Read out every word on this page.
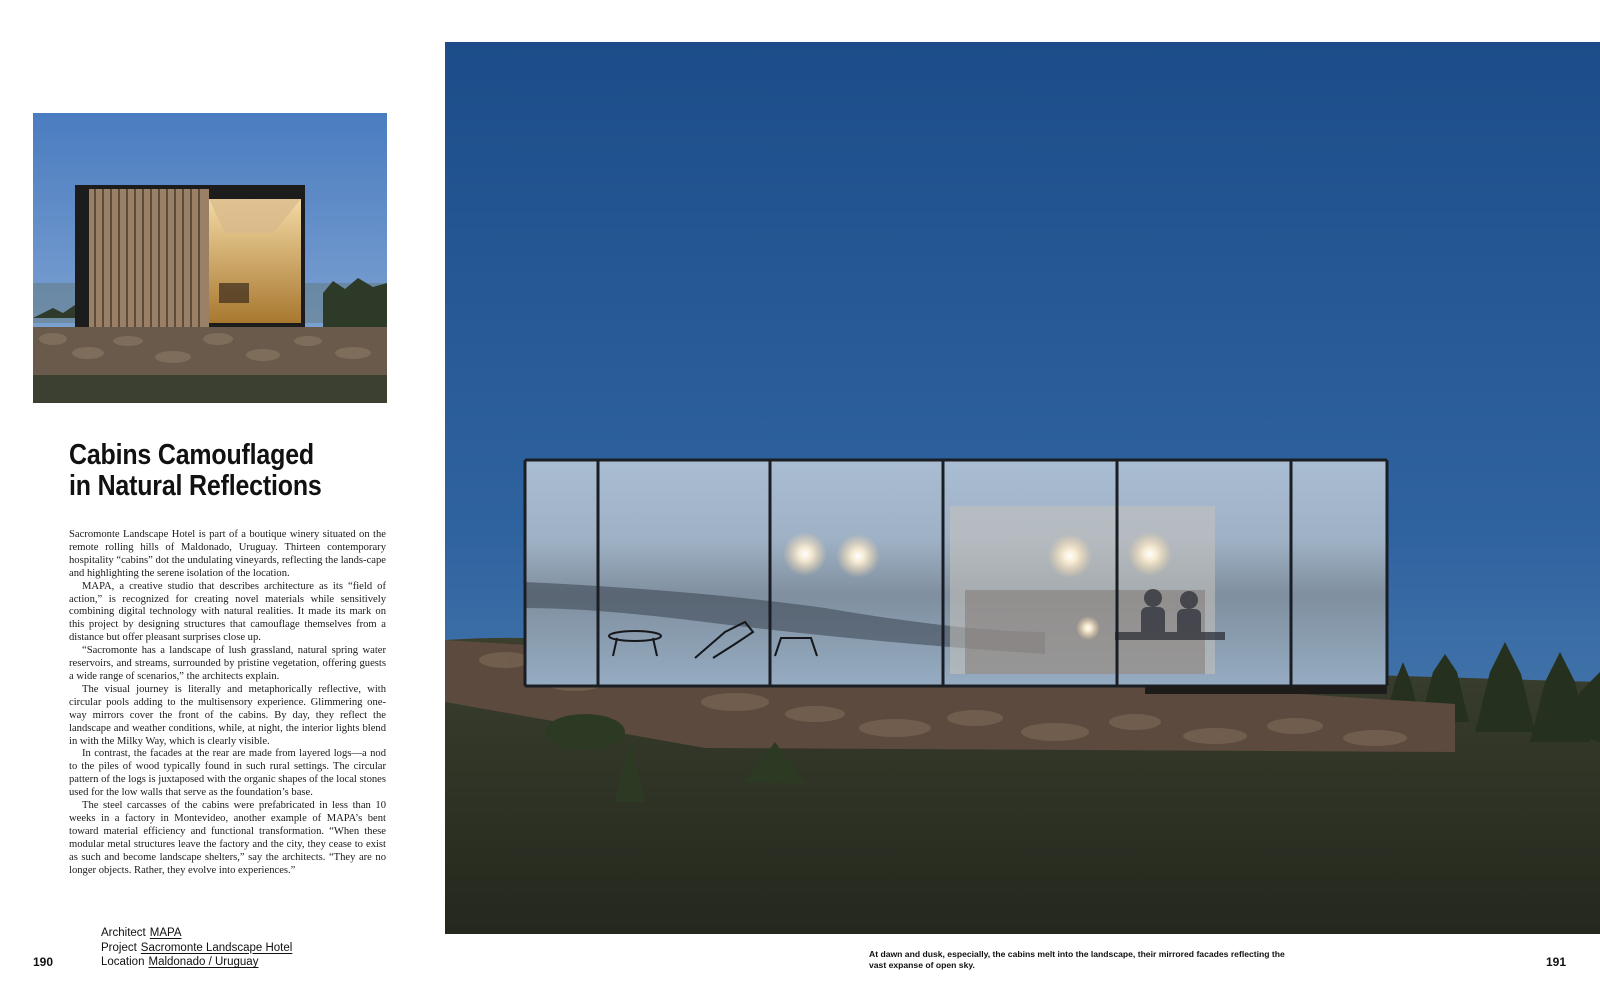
Cabins Camouflaged
in Natural Reflections

Sacromonte Landscape Hotel is part of a boutique winery situated on the remote rolling hills of Maldonado, Uruguay. Thirteen contemporary hospitality “cabins” dot the undulating vineyards, reflecting the lands-cape and highlighting the serene isolation of the location.

MAPA, a creative studio that describes architecture as its “field of action,” is recognized for creating novel materials while sensitively combining digital technology with natural realities. It made its mark on this project by designing structures that camouflage themselves from a distance but offer pleasant surprises close up.

“Sacromonte has a landscape of lush grassland, natural spring water reservoirs, and streams, surrounded by pristine vegetation, offering guests a wide range of scenarios,” the architects explain.

The visual journey is literally and metaphorically reflective, with circular pools adding to the multisensory experience. Glimmering one-way mirrors cover the front of the cabins. By day, they reflect the landscape and weather conditions, while, at night, the interior lights blend in with the Milky Way, which is clearly visible.

In contrast, the facades at the rear are made from layered logs—a nod to the piles of wood typically found in such rural settings. The circular pattern of the logs is juxtaposed with the organic shapes of the local stones used for the low walls that serve as the foundation’s base.

The steel carcasses of the cabins were prefabricated in less than 10 weeks in a factory in Montevideo, another example of MAPA’s bent toward material efficiency and functional transformation. “When these modular metal structures leave the factory and the city, they cease to exist as such and become landscape shelters,” say the architects. “They are no longer objects. Rather, they evolve into experiences.”

Architect MAPA
Project Sacromonte Landscape Hotel
Location Maldonado / Uruguay
190
At dawn and dusk, especially, the cabins melt into the landscape, their mirrored facades reflecting the vast expanse of open sky.	191
